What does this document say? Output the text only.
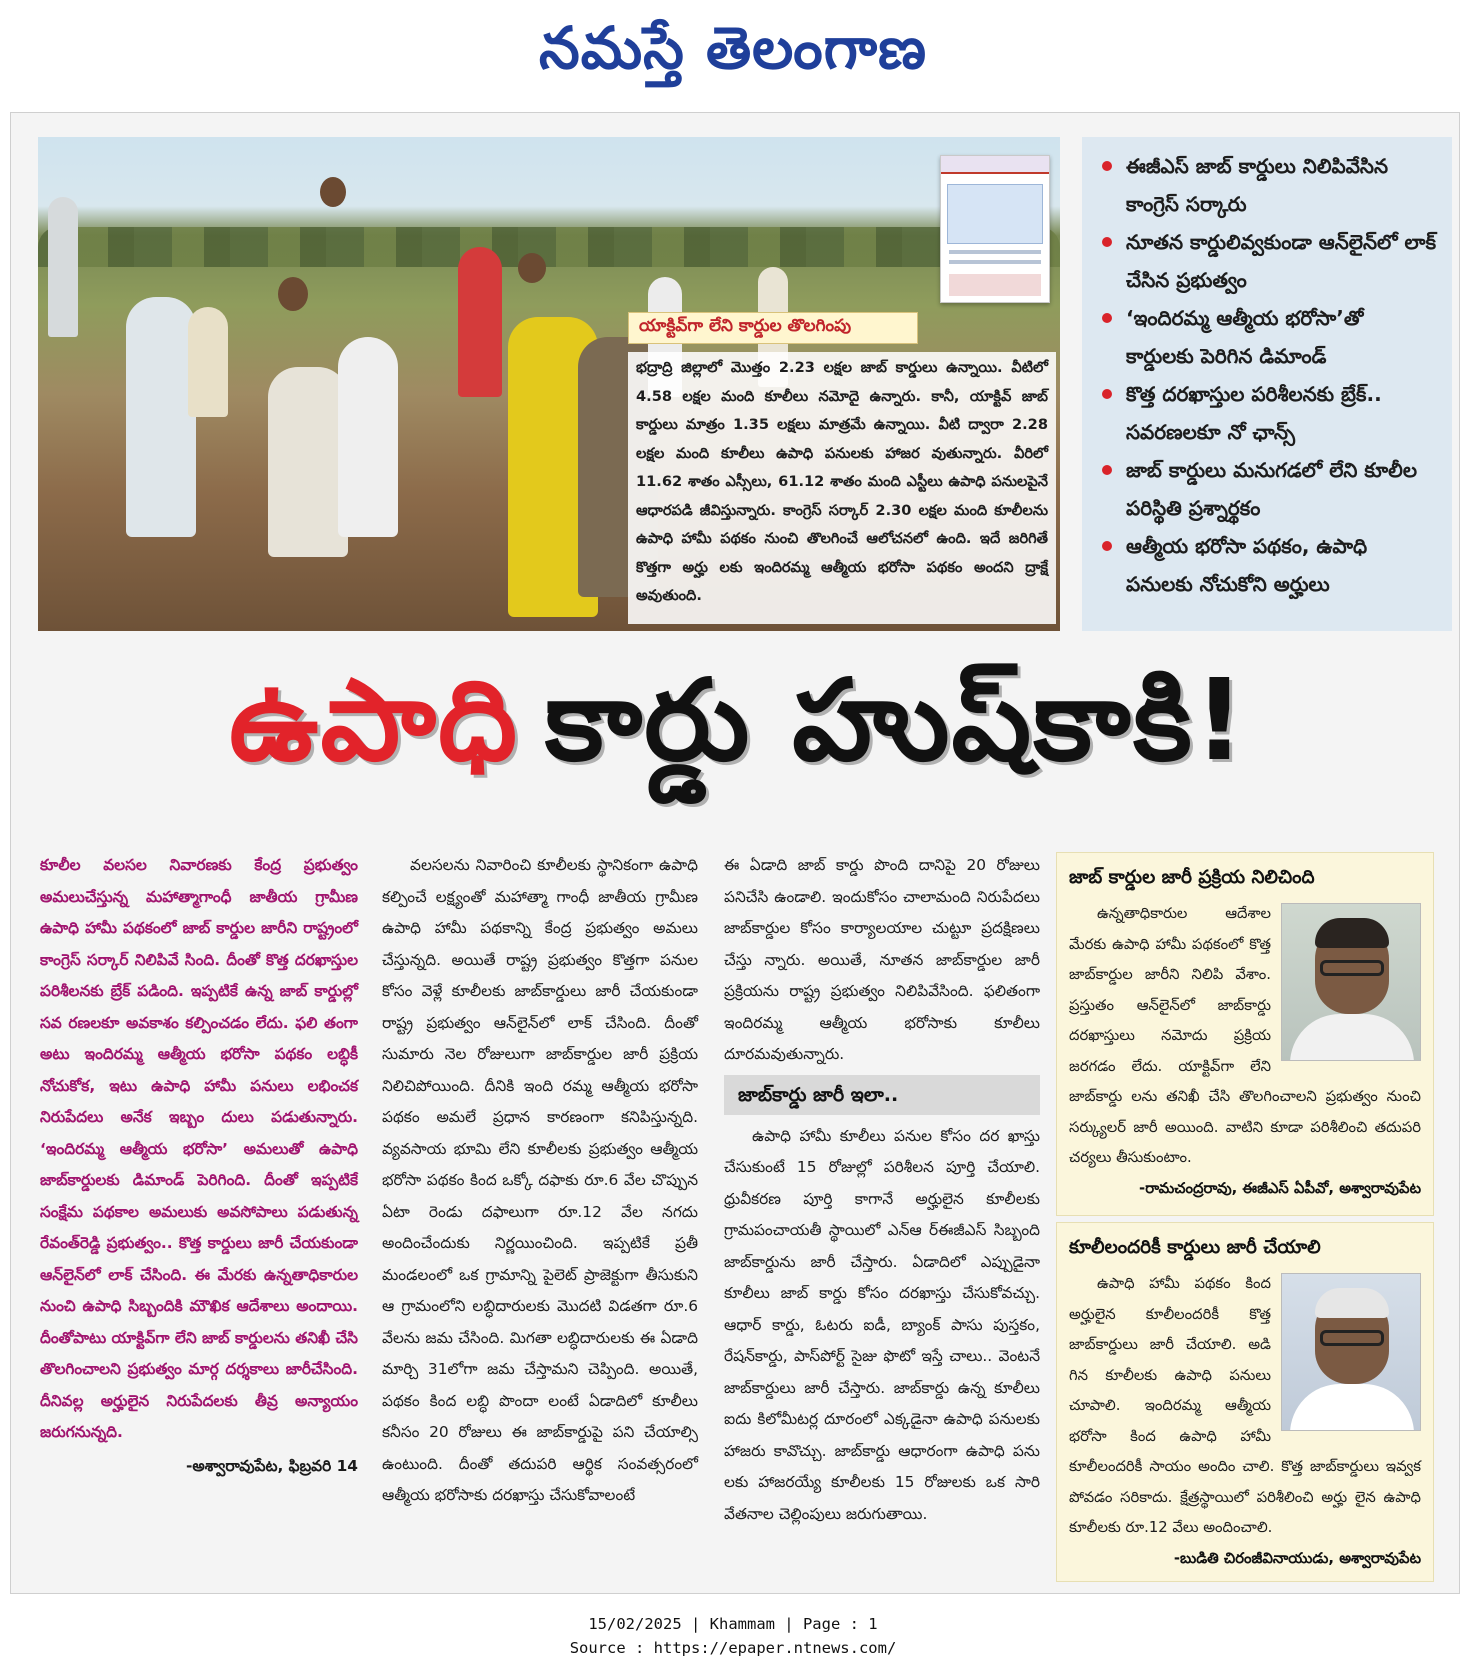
నమస్తే తెలంగాణ
యాక్టివ్‌గా లేని కార్డుల తొలగింపు
భద్రాద్రి జిల్లాలో మొత్తం 2.23 లక్షల జాబ్‌ కార్డులు ఉన్నాయి. వీటిలో 4.58 లక్షల మంది కూలీలు నమోదై ఉన్నారు. కానీ, యాక్టివ్‌ జాబ్‌ కార్డులు మాత్రం 1.35 లక్షలు మాత్రమే ఉన్నాయి. వీటి ద్వారా 2.28 లక్షల మంది కూలీలు ఉపాధి పనులకు హాజర వుతున్నారు. వీరిలో 11.62 శాతం ఎస్సీలు, 61.12 శాతం మంది ఎస్టీలు ఉపాధి పనులపైనే ఆధారపడి జీవిస్తున్నారు. కాంగ్రెస్‌ సర్కార్‌ 2.30 లక్షల మంది కూలీలను ఉపాధి హామీ పథకం నుంచి తొలగించే ఆలోచనలో ఉంది. ఇదే జరిగితే కొత్తగా అర్హు లకు ఇందిరమ్మ ఆత్మీయ భరోసా పథకం అందని ద్రాక్షే అవుతుంది.
ఈజీఎస్‌ జాబ్‌ కార్డులు నిలిపివేసిన కాంగ్రెస్‌ సర్కారు
నూతన కార్డులివ్వకుండా ఆన్‌లైన్‌లో లాక్‌ చేసిన ప్రభుత్వం
‘ఇందిరమ్మ ఆత్మీయ భరోసా’తో కార్డులకు పెరిగిన డిమాండ్‌
కొత్త దరఖాస్తుల పరిశీలనకు బ్రేక్‌.. సవరణలకూ నో ఛాన్స్‌
జాబ్‌ కార్డులు మనుగడలో లేని కూలీల పరిస్థితి ప్రశ్నార్థకం
ఆత్మీయ భరోసా పథకం, ఉపాధి పనులకు నోచుకోని అర్హులు
ఉపాధి కార్డు హుష్‌కాకి!
కూలీల వలసల నివారణకు కేంద్ర ప్రభుత్వం అమలుచేస్తున్న మహాత్మాగాంధీ జాతీయ గ్రామీణ ఉపాధి హామీ పథకంలో జాబ్‌ కార్డుల జారీని రాష్ట్రంలో కాంగ్రెస్‌ సర్కార్‌ నిలిపివే సింది. దీంతో కొత్త దరఖాస్తుల పరిశీలనకు బ్రేక్‌ పడింది. ఇప్పటికే ఉన్న జాబ్‌ కార్డుల్లో సవ రణలకూ అవకాశం కల్పించడం లేదు. ఫలి తంగా అటు ఇందిరమ్మ ఆత్మీయ భరోసా పథకం లబ్ధికీ నోచుకోక, ఇటు ఉపాధి హామీ పనులు లభించక నిరుపేదలు అనేక ఇబ్బం దులు పడుతున్నారు. ‘ఇందిరమ్మ ఆత్మీయ భరోసా’ అమలుతో ఉపాధి జాబ్‌కార్డులకు డిమాండ్‌ పెరిగింది. దీంతో ఇప్పటికే సంక్షేమ పథకాల అమలుకు అవసోపాలు పడుతున్న రేవంత్‌రెడ్డి ప్రభుత్వం.. కొత్త కార్డులు జారీ చేయకుండా ఆన్‌లైన్‌లో లాక్‌ చేసింది. ఈ మేరకు ఉన్నతాధికారుల నుంచి ఉపాధి సిబ్బందికి మౌఖిక ఆదేశాలు అందాయి. దీంతోపాటు యాక్టివ్‌గా లేని జాబ్‌ కార్డులను తనిఖీ చేసి తొలగించాలని ప్రభుత్వం మార్గ దర్శకాలు జారీచేసింది. దీనివల్ల అర్హులైన నిరుపేదలకు తీవ్ర అన్యాయం జరుగనున్నది.
-అశ్వారావుపేట, ఫిబ్రవరి 14
వలసలను నివారించి కూలీలకు స్థానికంగా ఉపాధి కల్పించే లక్ష్యంతో మహాత్మా గాంధీ జాతీయ గ్రామీణ ఉపాధి హామీ పథకాన్ని కేంద్ర ప్రభుత్వం అమలు చేస్తున్నది. అయితే రాష్ట్ర ప్రభుత్వం కొత్తగా పనుల కోసం వెళ్లే కూలీలకు జాబ్‌కార్డులు జారీ చేయకుండా రాష్ట్ర ప్రభుత్వం ఆన్‌లైన్‌లో లాక్‌ చేసింది. దీంతో సుమారు నెల రోజులుగా జాబ్‌కార్డుల జారీ ప్రక్రియ నిలిచిపోయింది. దీనికి ఇంది రమ్మ ఆత్మీయ భరోసా పథకం అమలే ప్రధాన కారణంగా కనిపిస్తున్నది. వ్యవసాయ భూమి లేని కూలీలకు ప్రభుత్వం ఆత్మీయ భరోసా పథకం కింద ఒక్కో దఫాకు రూ.6 వేల చొప్పున ఏటా రెండు దఫాలుగా రూ.12 వేల నగదు అందించేందుకు నిర్ణయించింది. ఇప్పటికే ప్రతీ మండలంలో ఒక గ్రామాన్ని పైలెట్‌ ప్రాజెక్టుగా తీసుకుని ఆ గ్రామంలోని లబ్ధిదారులకు మొదటి విడతగా రూ.6 వేలను జమ చేసింది. మిగతా లబ్ధిదారులకు ఈ ఏడాది మార్చి 31లోగా జమ చేస్తామని చెప్పింది. అయితే, పథకం కింద లబ్ధి పొందా లంటే ఏడాదిలో కూలీలు కనీసం 20 రోజులు ఈ జాబ్‌కార్డుపై పని చేయాల్సి ఉంటుంది. దీంతో తదుపరి ఆర్థిక సంవత్సరంలో ఆత్మీయ భరోసాకు దరఖాస్తు చేసుకోవాలంటే
ఈ ఏడాది జాబ్‌ కార్డు పొంది దానిపై 20 రోజులు పనిచేసి ఉండాలి. ఇందుకోసం చాలామంది నిరుపేదలు జాబ్‌కార్డుల కోసం కార్యాలయాల చుట్టూ ప్రదక్షిణలు చేస్తు న్నారు. అయితే, నూతన జాబ్‌కార్డుల జారీ ప్రక్రియను రాష్ట్ర ప్రభుత్వం నిలిపివేసింది. ఫలితంగా ఇందిరమ్మ ఆత్మీయ భరోసాకు కూలీలు దూరమవుతున్నారు.
జాబ్‌కార్డు జారీ ఇలా..
ఉపాధి హామీ కూలీలు పనుల కోసం దర ఖాస్తు చేసుకుంటే 15 రోజుల్లో పరిశీలన పూర్తి చేయాలి. ధ్రువీకరణ పూర్తి కాగానే అర్హులైన కూలీలకు గ్రామపంచాయతీ స్థాయిలో ఎన్‌ఆ ర్‌ఈజీఎస్‌ సిబ్బంది జాబ్‌కార్డును జారీ చేస్తారు. ఏడాదిలో ఎప్పుడైనా కూలీలు జాబ్‌ కార్డు కోసం దరఖాస్తు చేసుకోవచ్చు. ఆధార్‌ కార్డు, ఓటరు ఐడీ, బ్యాంక్‌ పాసు పుస్తకం, రేషన్‌కార్డు, పాస్‌పోర్ట్‌ సైజు ఫొటో ఇస్తే చాలు.. వెంటనే జాబ్‌కార్డులు జారీ చేస్తారు. జాబ్‌కార్డు ఉన్న కూలీలు ఐదు కిలోమీటర్ల దూరంలో ఎక్కడైనా ఉపాధి పనులకు హాజరు కావొచ్చు. జాబ్‌కార్డు ఆధారంగా ఉపాధి పను లకు హాజరయ్యే కూలీలకు 15 రోజులకు ఒక సారి వేతనాల చెల్లింపులు జరుగుతాయి.
జాబ్‌ కార్డుల జారీ ప్రక్రియ నిలిచింది

ఉన్నతాధికారుల ఆదేశాల మేరకు ఉపాధి హామీ పథకంలో కొత్త జాబ్‌కార్డుల జారీని నిలిపి వేశాం. ప్రస్తుతం ఆన్‌లైన్‌లో జాబ్‌కార్డు దరఖాస్తులు నమోదు ప్రక్రియ జరగడం లేదు. యాక్టివ్‌గా లేని జాబ్‌కార్డు లను తనిఖీ చేసి తొలగించాలని ప్రభుత్వం నుంచి సర్క్యులర్‌ జారీ అయింది. వాటిని కూడా పరిశీలించి తదుపరి చర్యలు తీసుకుంటాం.

-రామచంద్రరావు, ఈజీఎస్‌ ఏపీవో, అశ్వారావుపేట
కూలీలందరికీ కార్డులు జారీ చేయాలి

ఉపాధి హామీ పథకం కింద అర్హులైన కూలీలందరికీ కొత్త జాబ్‌కార్డులు జారీ చేయాలి. అడి గిన కూలీలకు ఉపాధి పనులు చూపాలి. ఇందిరమ్మ ఆత్మీయ భరోసా కింద ఉపాధి హామీ కూలీలందరికీ సాయం అందిం చాలి. కొత్త జాబ్‌కార్డులు ఇవ్వక పోవడం సరికాదు. క్షేత్రస్థాయిలో పరిశీలించి అర్హు లైన ఉపాధి కూలీలకు రూ.12 వేలు అందించాలి.

-బుడితి చిరంజీవినాయుడు, అశ్వారావుపేట
15/02/2025 | Khammam | Page : 1
Source : https://epaper.ntnews.com/
